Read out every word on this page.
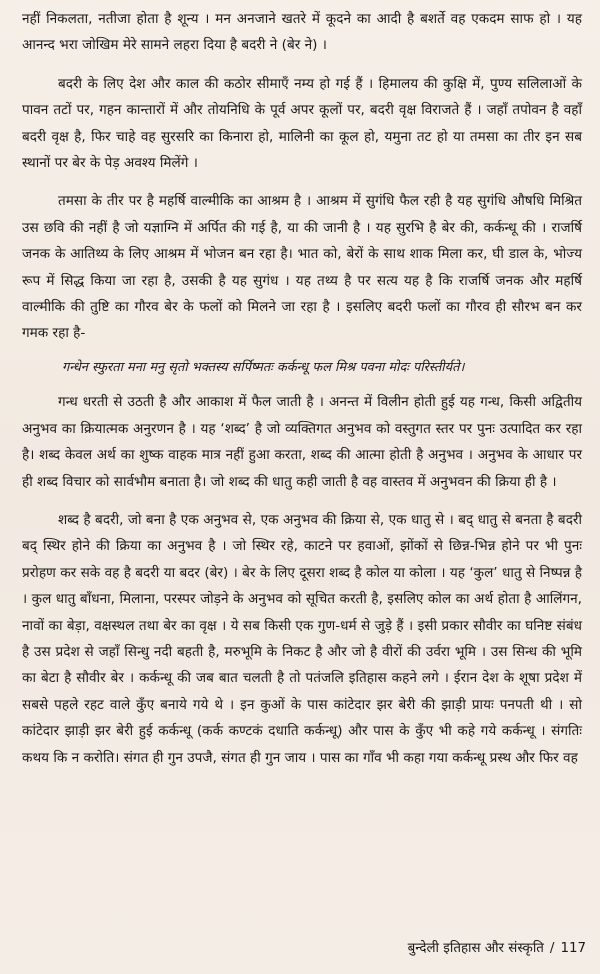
नहीं निकलता, नतीजा होता है शून्य । मन अनजाने खतरे में कूदने का आदी है बशर्ते वह एकदम साफ हो । यह आनन्द भरा जोखिम मेरे सामने लहरा दिया है बदरी ने (बेर ने) ।

बदरी के लिए देश और काल की कठोर सीमाएँ नम्य हो गई हैं । हिमालय की कुक्षि में, पुण्य सलिलाओं के पावन तटों पर, गहन कान्तारों में और तोयनिधि के पूर्व अपर कूलों पर, बदरी वृक्ष विराजते हैं । जहाँ तपोवन है वहाँ बदरी वृक्ष है, फिर चाहे वह सुरसरि का किनारा हो, मालिनी का कूल हो, यमुना तट हो या तमसा का तीर इन सब स्थानों पर बेर के पेड़ अवश्य मिलेंगे ।

तमसा के तीर पर है महर्षि वाल्मीकि का आश्रम है । आश्रम में सुगंधि फैल रही है यह सुगंधि औषधि मिश्रित उस छवि की नहीं है जो यज्ञाग्नि में अर्पित की गई है, या की जानी है । यह सुरभि है बेर की, कर्कन्धू की । राजर्षि जनक के आतिथ्य के लिए आश्रम में भोजन बन रहा है। भात को, बेरों के साथ शाक मिला कर, घी डाल के, भोज्य रूप में सिद्ध किया जा रहा है, उसकी है यह सुगंध । यह तथ्य है पर सत्य यह है कि राजर्षि जनक और महर्षि वाल्मीकि की तुष्टि का गौरव बेर के फलों को मिलने जा रहा है । इसलिए बदरी फलों का गौरव ही सौरभ बन कर गमक रहा है-

गन्धेन स्फुरता मना मनु सृतो भक्तस्य सर्पिष्मतः कर्कन्धू फल मिश्र पवना मोदः परिस्तीर्यते।

गन्ध धरती से उठती है और आकाश में फैल जाती है । अनन्त में विलीन होती हुई यह गन्ध, किसी अद्वितीय अनुभव का क्रियात्मक अनुरणन है । यह ‘शब्द’ है जो व्यक्तिगत अनुभव को वस्तुगत स्तर पर पुनः उत्पादित कर रहा है। शब्द केवल अर्थ का शुष्क वाहक मात्र नहीं हुआ करता, शब्द की आत्मा होती है अनुभव । अनुभव के आधार पर ही शब्द विचार को सार्वभौम बनाता है। जो शब्द की धातु कही जाती है वह वास्तव में अनुभवन की क्रिया ही है ।

शब्द है बदरी, जो बना है एक अनुभव से, एक अनुभव की क्रिया से, एक धातु से । बद् धातु से बनता है बदरी बद् स्थिर होने की क्रिया का अनुभव है । जो स्थिर रहे, काटने पर हवाओं, झोंकों से छिन्न-भिन्न होने पर भी पुनः प्ररोहण कर सके वह है बदरी या बदर (बेर) । बेर के लिए दूसरा शब्द है कोल या कोला । यह ‘कुल’ धातु से निष्पन्न है । कुल धातु बाँधना, मिलाना, परस्पर जोड़ने के अनुभव को सूचित करती है, इसलिए कोल का अर्थ होता है आलिंगन, नावों का बेड़ा, वक्षस्थल तथा बेर का वृक्ष । ये सब किसी एक गुण-धर्म से जुड़े हैं । इसी प्रकार सौवीर का घनिष्ट संबंध है उस प्रदेश से जहाँ सिन्धु नदी बहती है, मरुभूमि के निकट है और जो है वीरों की उर्वरा भूमि । उस सिन्ध की भूमि का बेटा है सौवीर बेर । कर्कन्धू की जब बात चलती है तो पतंजलि इतिहास कहने लगे । ईरान देश के शूषा प्रदेश में सबसे पहले रहट वाले कुँए बनाये गये थे । इन कुओं के पास कांटेदार झर बेरी की झाड़ी प्रायः पनपती थी । सो कांटेदार झाड़ी झर बेरी हुई कर्कन्धू (कर्क कण्टकं दधाति कर्कन्धू) और पास के कुँए भी कहे गये कर्कन्धू । संगतिः कथय कि न करोति। संगत ही गुन उपजै, संगत ही गुन जाय । पास का गाँव भी कहा गया कर्कन्धू प्रस्थ और फिर वह

बुन्देली इतिहास और संस्कृति / 117
